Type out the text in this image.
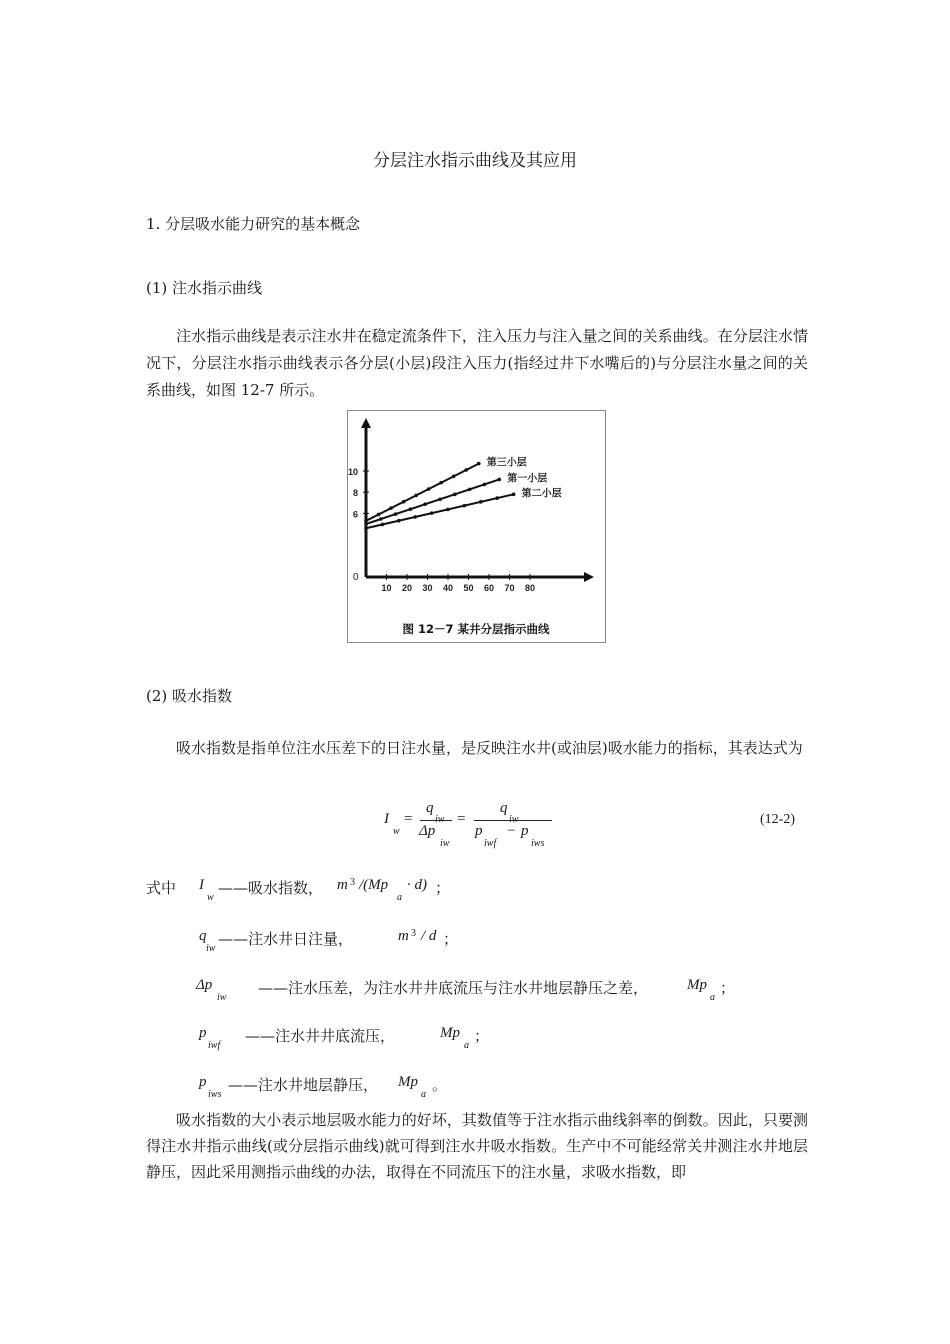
分层注水指示曲线及其应用
1. 分层吸水能力研究的基本概念
(1) 注水指示曲线
注水指示曲线是表示注水井在稳定流条件下，注入压力与注入量之间的关系曲线。在分层注水情况下，分层注水指示曲线表示各分层(小层)段注入压力(指经过井下水嘴后的)与分层注水量之间的关系曲线，如图 12-7 所示。
0
10 20 30 40 50 60 70 80
6
8
10
第三小层
第一小层
第二小层
图 12－7 某井分层指示曲线
(2) 吸水指数
吸水指数是指单位注水压差下的日注水量，是反映注水井(或油层)吸水能力的指标，其表达式为
I
w
=
q
iw
Δp
iw
=
q
iw
p
iwf
− p
iws
(12-2)
式中 I
w
——吸水指数， m 3 /(Mp
a
· d) ；
q
iw
——注水井日注量，	m 3 / d ；
Δp
iw
——注水压差，为注水井井底流压与注水井地层静压之差，	Mp
a
；
p
iwf
——注水井井底流压，	Mp
a
；
p
iws
——注水井地层静压， Mp
a
。
吸水指数的大小表示地层吸水能力的好坏，其数值等于注水指示曲线斜率的倒数。因此，只要测得注水井指示曲线(或分层指示曲线)就可得到注水井吸水指数。生产中不可能经常关井测注水井地层静压，因此采用测指示曲线的办法，取得在不同流压下的注水量，求吸水指数，即
